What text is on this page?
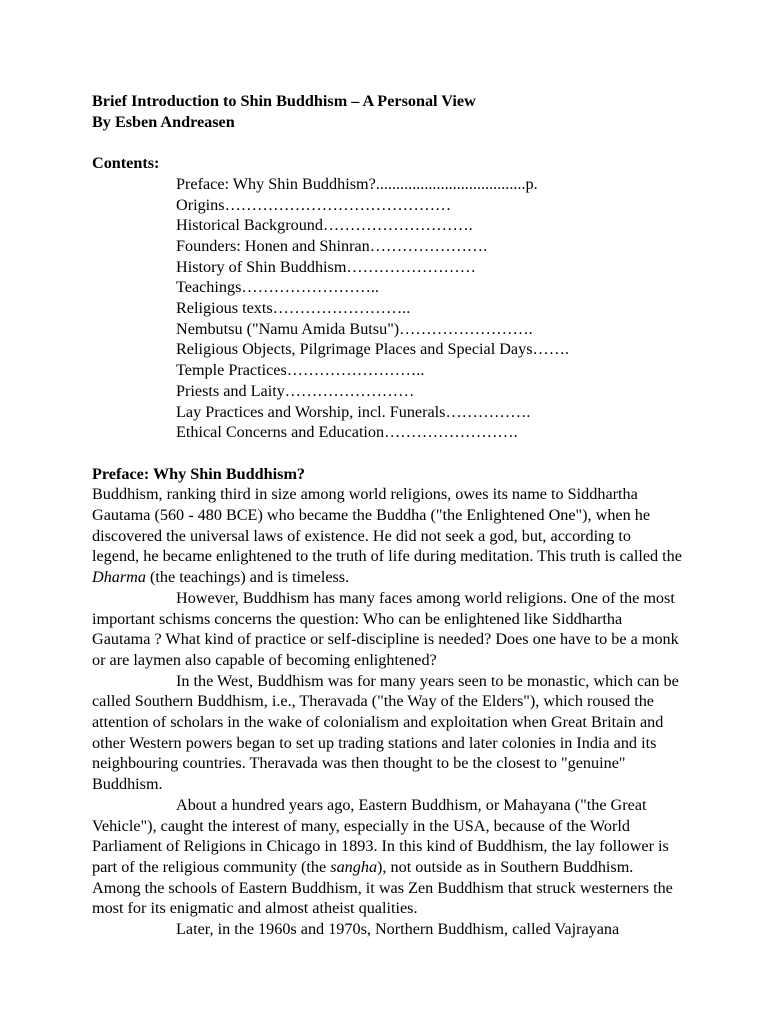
Brief Introduction to Shin Buddhism – A Personal View
By Esben Andreasen
Contents:
Preface: Why Shin Buddhism?.....................................p.
Origins……………………………………
Historical Background……………………….
Founders: Honen and Shinran………………….
History of Shin Buddhism……………………
Teachings……………………..
Religious texts……………………..
Nembutsu ("Namu Amida Butsu")…………………….
Religious Objects, Pilgrimage Places and Special Days…….
Temple Practices……………………..
Priests and Laity……………………
Lay Practices and Worship, incl. Funerals…………….
Ethical Concerns and Education…………………….
Preface: Why Shin Buddhism?

Buddhism, ranking third in size among world religions, owes its name to Siddhartha Gautama (560 - 480 BCE) who became the Buddha ("the Enlightened One"), when he discovered the universal laws of existence. He did not seek a god, but, according to legend, he became enlightened to the truth of life during meditation. This truth is called the Dharma (the teachings) and is timeless.

However, Buddhism has many faces among world religions. One of the most important schisms concerns the question: Who can be enlightened like Siddhartha Gautama ? What kind of practice or self-discipline is needed? Does one have to be a monk or are laymen also capable of becoming enlightened?

In the West, Buddhism was for many years seen to be monastic, which can be called Southern Buddhism, i.e., Theravada ("the Way of the Elders"), which roused the attention of scholars in the wake of colonialism and exploitation when Great Britain and other Western powers began to set up trading stations and later colonies in India and its neighbouring countries. Theravada was then thought to be the closest to "genuine" Buddhism.

About a hundred years ago, Eastern Buddhism, or Mahayana ("the Great Vehicle"), caught the interest of many, especially in the USA, because of the World Parliament of Religions in Chicago in 1893. In this kind of Buddhism, the lay follower is part of the religious community (the sangha), not outside as in Southern Buddhism. Among the schools of Eastern Buddhism, it was Zen Buddhism that struck westerners the most for its enigmatic and almost atheist qualities.

Later, in the 1960s and 1970s, Northern Buddhism, called Vajrayana
